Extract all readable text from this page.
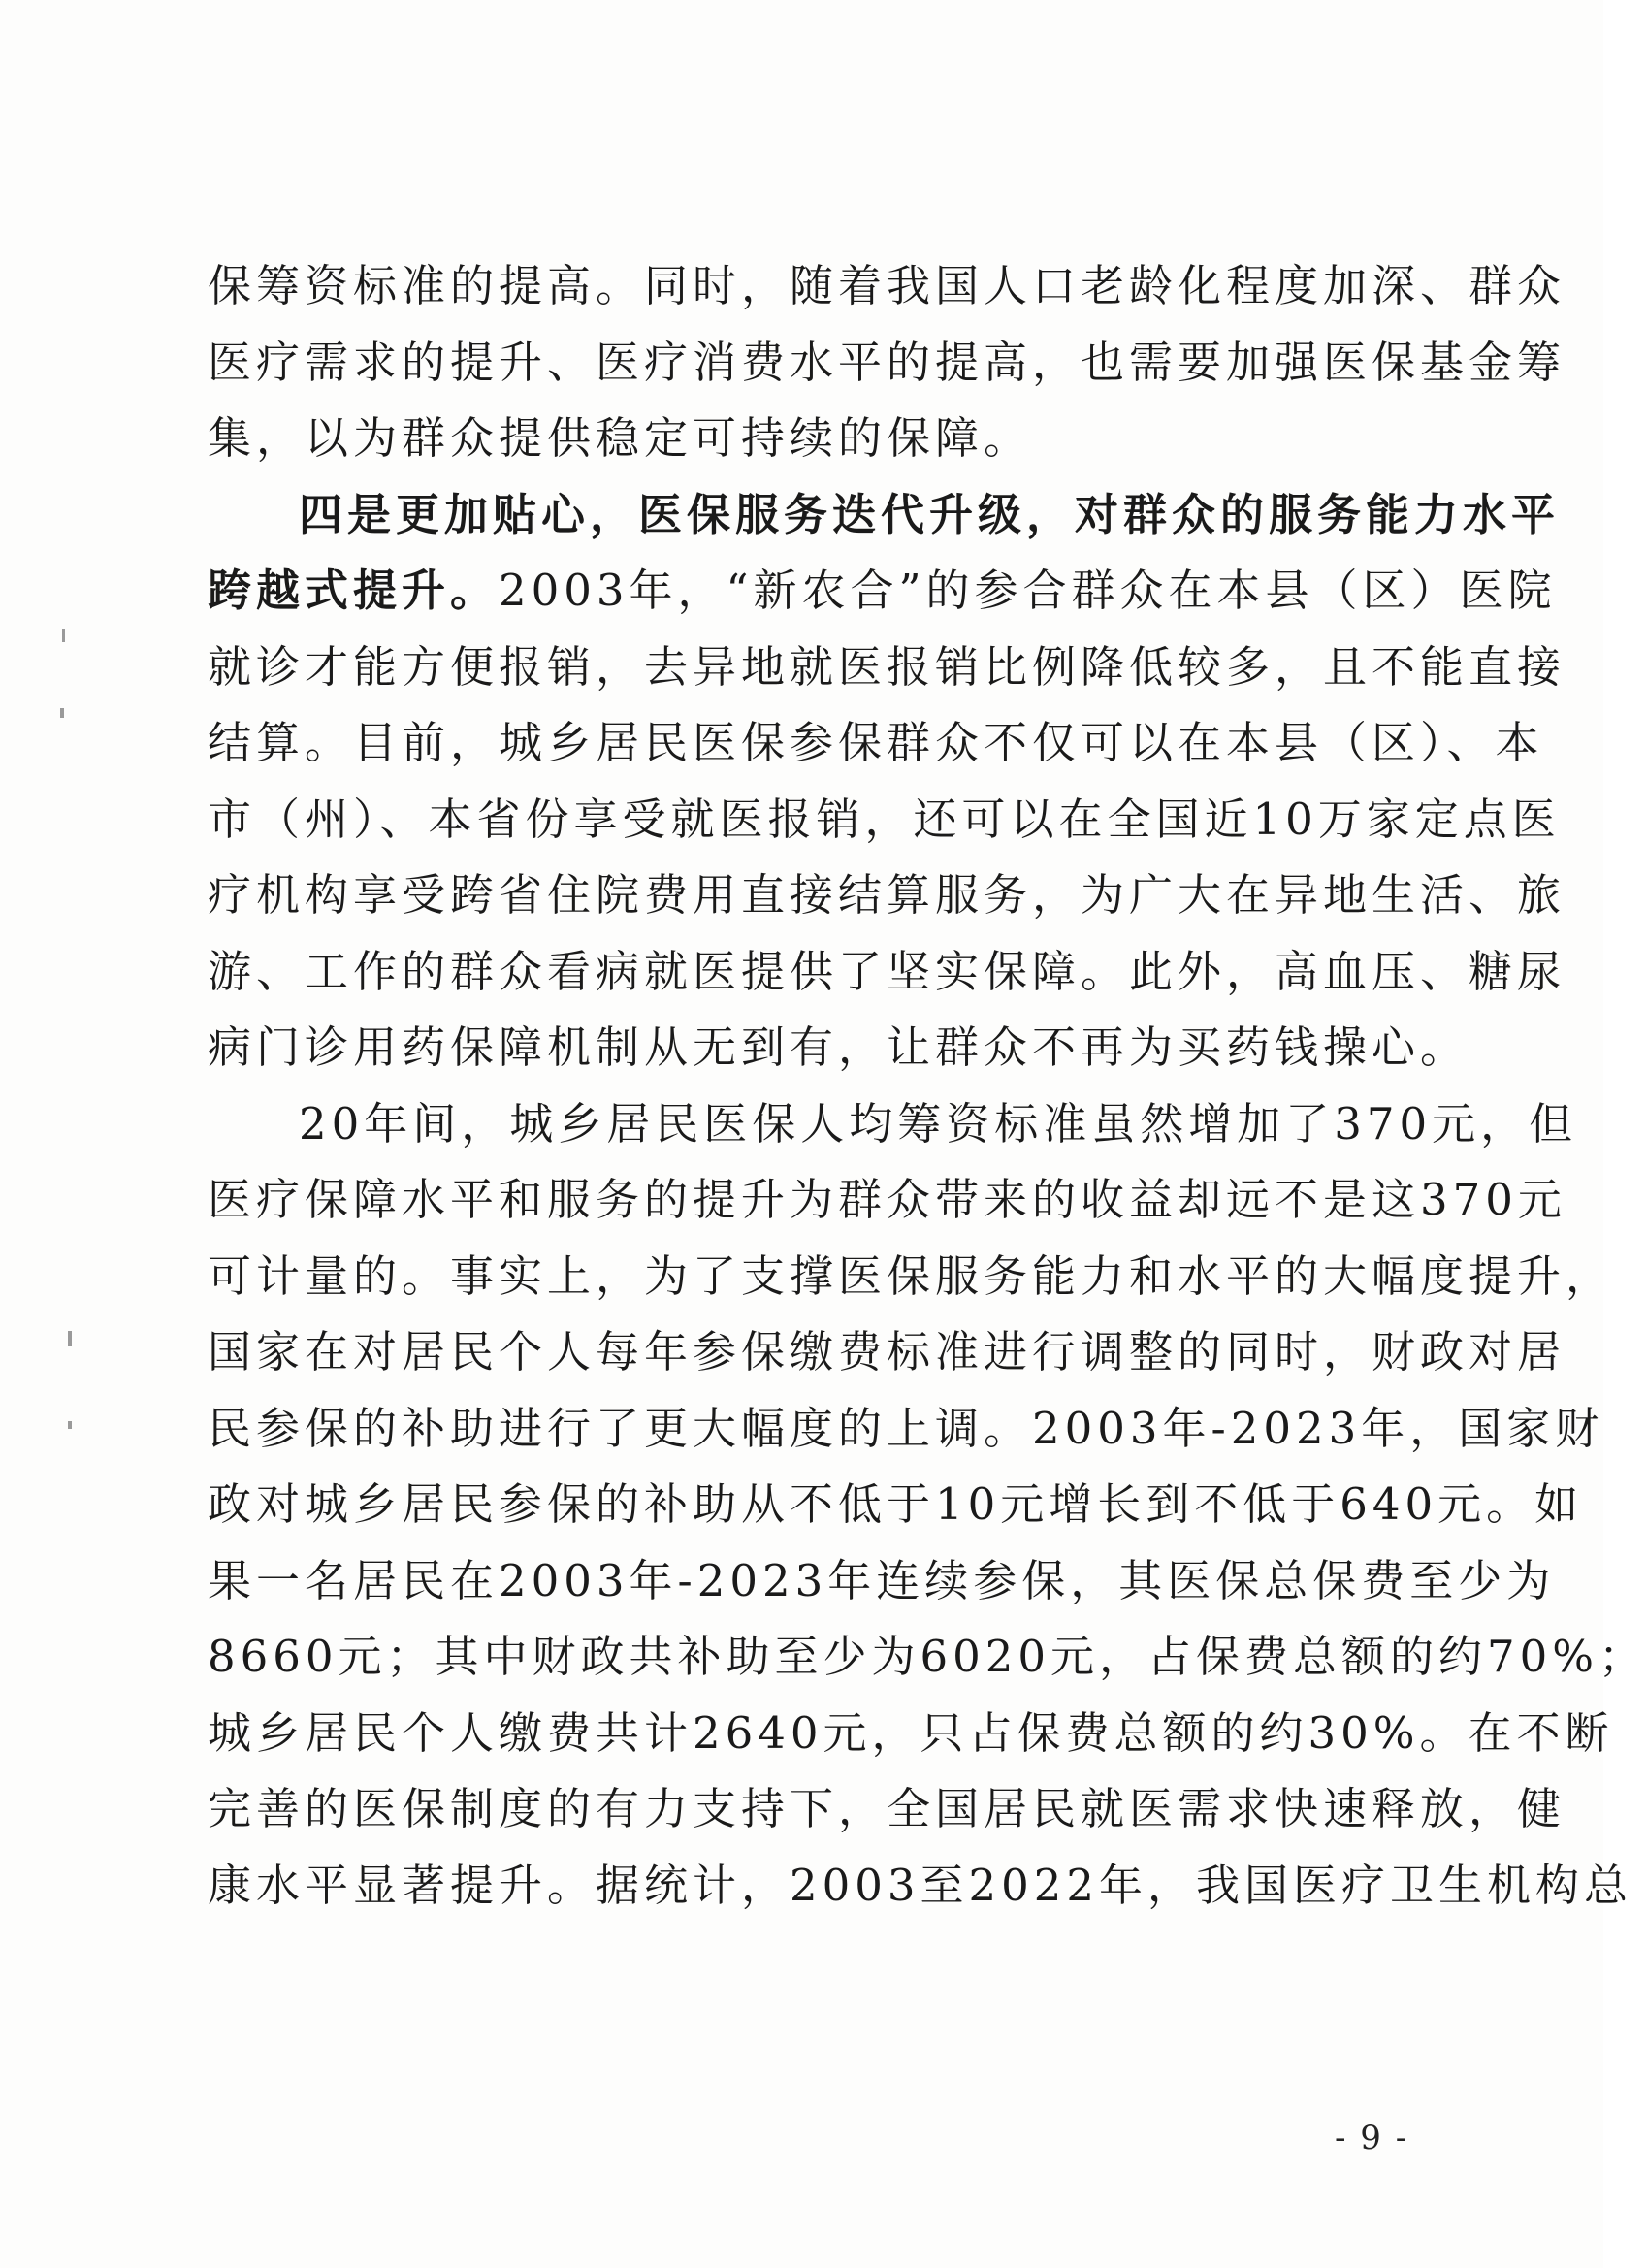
保筹资标准的提高。同时，随着我国人口老龄化程度加深、群众
医疗需求的提升、医疗消费水平的提高，也需要加强医保基金筹
集，以为群众提供稳定可持续的保障。
四是更加贴心，医保服务迭代升级，对群众的服务能力水平
跨越式提升。2003年，“新农合”的参合群众在本县（区）医院
就诊才能方便报销，去异地就医报销比例降低较多，且不能直接
结算。目前，城乡居民医保参保群众不仅可以在本县（区）、本
市（州）、本省份享受就医报销，还可以在全国近10万家定点医
疗机构享受跨省住院费用直接结算服务，为广大在异地生活、旅
游、工作的群众看病就医提供了坚实保障。此外，高血压、糖尿
病门诊用药保障机制从无到有，让群众不再为买药钱操心。
20年间，城乡居民医保人均筹资标准虽然增加了370元，但
医疗保障水平和服务的提升为群众带来的收益却远不是这370元
可计量的。事实上，为了支撑医保服务能力和水平的大幅度提升，
国家在对居民个人每年参保缴费标准进行调整的同时，财政对居
民参保的补助进行了更大幅度的上调。2003年-2023年，国家财
政对城乡居民参保的补助从不低于10元增长到不低于640元。如
果一名居民在2003年-2023年连续参保，其医保总保费至少为
8660元；其中财政共补助至少为6020元，占保费总额的约70%；
城乡居民个人缴费共计2640元，只占保费总额的约30%。在不断
完善的医保制度的有力支持下，全国居民就医需求快速释放，健
康水平显著提升。据统计，2003至2022年，我国医疗卫生机构总
- 9 -
